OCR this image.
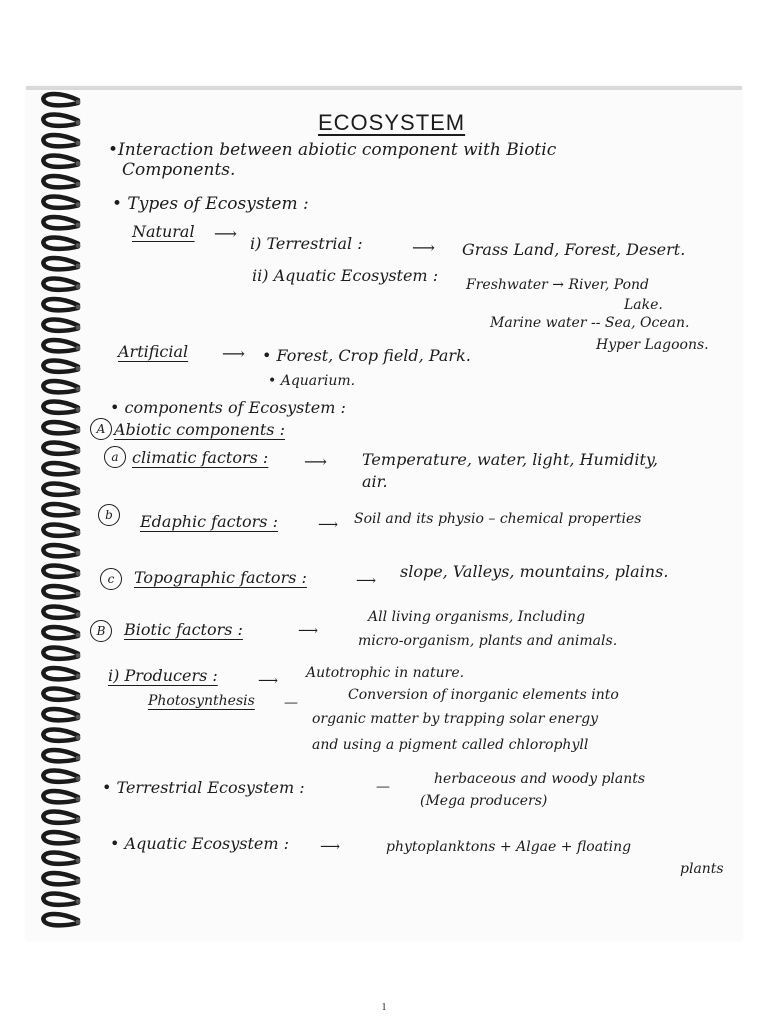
ECOSYSTEM
•Interaction between abiotic component with Biotic
Components.
• Types of Ecosystem :
Natural ⟶
i) Terrestrial :	⟶ Grass Land, Forest, Desert.
ii) Aquatic Ecosystem : Freshwater → River, Pond
Lake.
Marine water -- Sea, Ocean.
Hyper Lagoons.
Artificial ⟶ • Forest, Crop field, Park.
• Aquarium.
• components of Ecosystem :
A Abiotic components :
a climatic factors : ⟶ Temperature, water, light, Humidity,
air.
b	Edaphic factors :	⟶ Soil and its physio – chemical properties
c	Topographic factors :	⟶ slope, Valleys, mountains, plains.
B	Biotic factors :	⟶
All living organisms, Including
micro-organism, plants and animals.
i) Producers :	⟶ Autotrophic in nature.
Photosynthesis —	Conversion of inorganic elements into
organic matter by trapping solar energy
and using a pigment called chlorophyll
• Terrestrial Ecosystem :	—	herbaceous and woody plants
(Mega producers)
• Aquatic Ecosystem : ⟶	phytoplanktons + Algae + floating
plants
1
